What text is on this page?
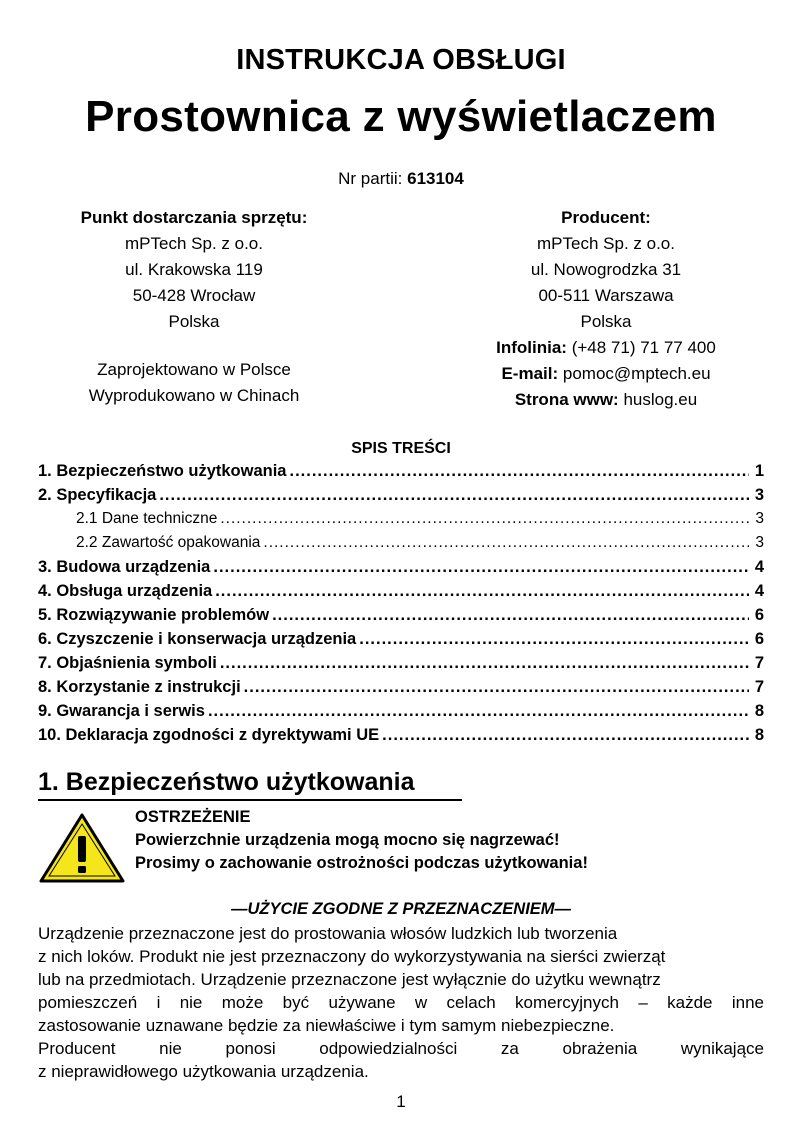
INSTRUKCJA OBSŁUGI
Prostownica z wyświetlaczem
Nr partii: 613104
Punkt dostarczania sprzętu:
mPTech Sp. z o.o.
ul. Krakowska 119
50-428 Wrocław
Polska
Zaprojektowano w Polsce
Wyprodukowano w Chinach
Producent:
mPTech Sp. z o.o.
ul. Nowogrodzka 31
00-511 Warszawa
Polska
Infolinia: (+48 71) 71 77 400
E-mail: pomoc@mptech.eu
Strona www: huslog.eu
SPIS TREŚCI
1. Bezpieczeństwo użytkowania .....	1
2. Specyfikacja .....	3
2.1 Dane techniczne .....	3
2.2 Zawartość opakowania .....	3
3. Budowa urządzenia .....	4
4. Obsługa urządzenia .....	4
5. Rozwiązywanie problemów .....	6
6. Czyszczenie i konserwacja urządzenia .....	6
7. Objaśnienia symboli .....	7
8. Korzystanie z instrukcji .....	7
9. Gwarancja i serwis .....	8
10. Deklaracja zgodności z dyrektywami UE .....	8
1. Bezpieczeństwo użytkowania
OSTRZEŻENIE
Powierzchnie urządzenia mogą mocno się nagrzewać!
Prosimy o zachowanie ostrożności podczas użytkowania!
—UŻYCIE ZGODNE Z PRZEZNACZENIEM—

Urządzenie przeznaczone jest do prostowania włosów ludzkich lub tworzenia

z nich loków. Produkt nie jest przeznaczony do wykorzystywania na sierści zwierząt

lub na przedmiotach. Urządzenie przeznaczone jest wyłącznie do użytku wewnątrz

pomieszczeń i nie może być używane w celach komercyjnych – każde inne

zastosowanie uznawane będzie za niewłaściwe i tym samym niebezpieczne.

Producent nie ponosi odpowiedzialności za obrażenia wynikające

z nieprawidłowego użytkowania urządzenia.

1
